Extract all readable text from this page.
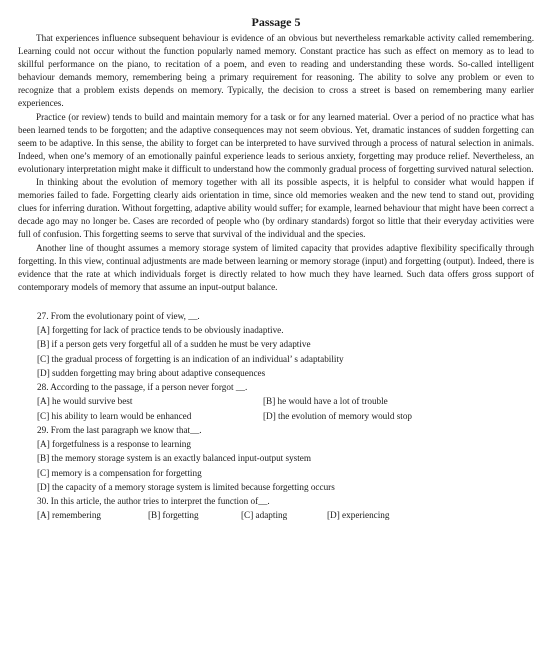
Passage 5

That experiences influence subsequent behaviour is evidence of an obvious but nevertheless remarkable activity called remembering. Learning could not occur without the function popularly named memory. Constant practice has such as effect on memory as to lead to skillful performance on the piano, to recitation of a poem, and even to reading and understanding these words. So-called intelligent behaviour demands memory, remembering being a primary requirement for reasoning. The ability to solve any problem or even to recognize that a problem exists depends on memory. Typically, the decision to cross a street is based on remembering many earlier experiences.

Practice (or review) tends to build and maintain memory for a task or for any learned material. Over a period of no practice what has been learned tends to be forgotten; and the adaptive consequences may not seem obvious. Yet, dramatic instances of sudden forgetting can seem to be adaptive. In this sense, the ability to forget can be interpreted to have survived through a process of natural selection in animals. Indeed, when one’s memory of an emotionally painful experience leads to serious anxiety, forgetting may produce relief. Nevertheless, an evolutionary interpretation might make it difficult to understand how the commonly gradual process of forgetting survived natural selection.

In thinking about the evolution of memory together with all its possible aspects, it is helpful to consider what would happen if memories failed to fade. Forgetting clearly aids orientation in time, since old memories weaken and the new tend to stand out, providing clues for inferring duration. Without forgetting, adaptive ability would suffer; for example, learned behaviour that might have been correct a decade ago may no longer be. Cases are recorded of people who (by ordinary standards) forgot so little that their everyday activities were full of confusion. This forgetting seems to serve that survival of the individual and the species.

Another line of thought assumes a memory storage system of limited capacity that provides adaptive flexibility specifically through forgetting. In this view, continual adjustments are made between learning or memory storage (input) and forgetting (output). Indeed, there is evidence that the rate at which individuals forget is directly related to how much they have learned. Such data offers gross support of contemporary models of memory that assume an input-output balance.

27. From the evolutionary point of view, __.
[A] forgetting for lack of practice tends to be obviously inadaptive.
[B] if a person gets very forgetful all of a sudden he must be very adaptive
[C] the gradual process of forgetting is an indication of an individual’ s adaptability
[D] sudden forgetting may bring about adaptive consequences
28. According to the passage, if a person never forgot __.
[A] he would survive best	[B] he would have a lot of trouble
[C] his ability to learn would be enhanced	[D] the evolution of memory would stop
29. From the last paragraph we know that__.
[A] forgetfulness is a response to learning
[B] the memory storage system is an exactly balanced input-output system
[C] memory is a compensation for forgetting
[D] the capacity of a memory storage system is limited because forgetting occurs
30. In this article, the author tries to interpret the function of__.
[A] remembering	[B] forgetting	[C] adapting	[D] experiencing
